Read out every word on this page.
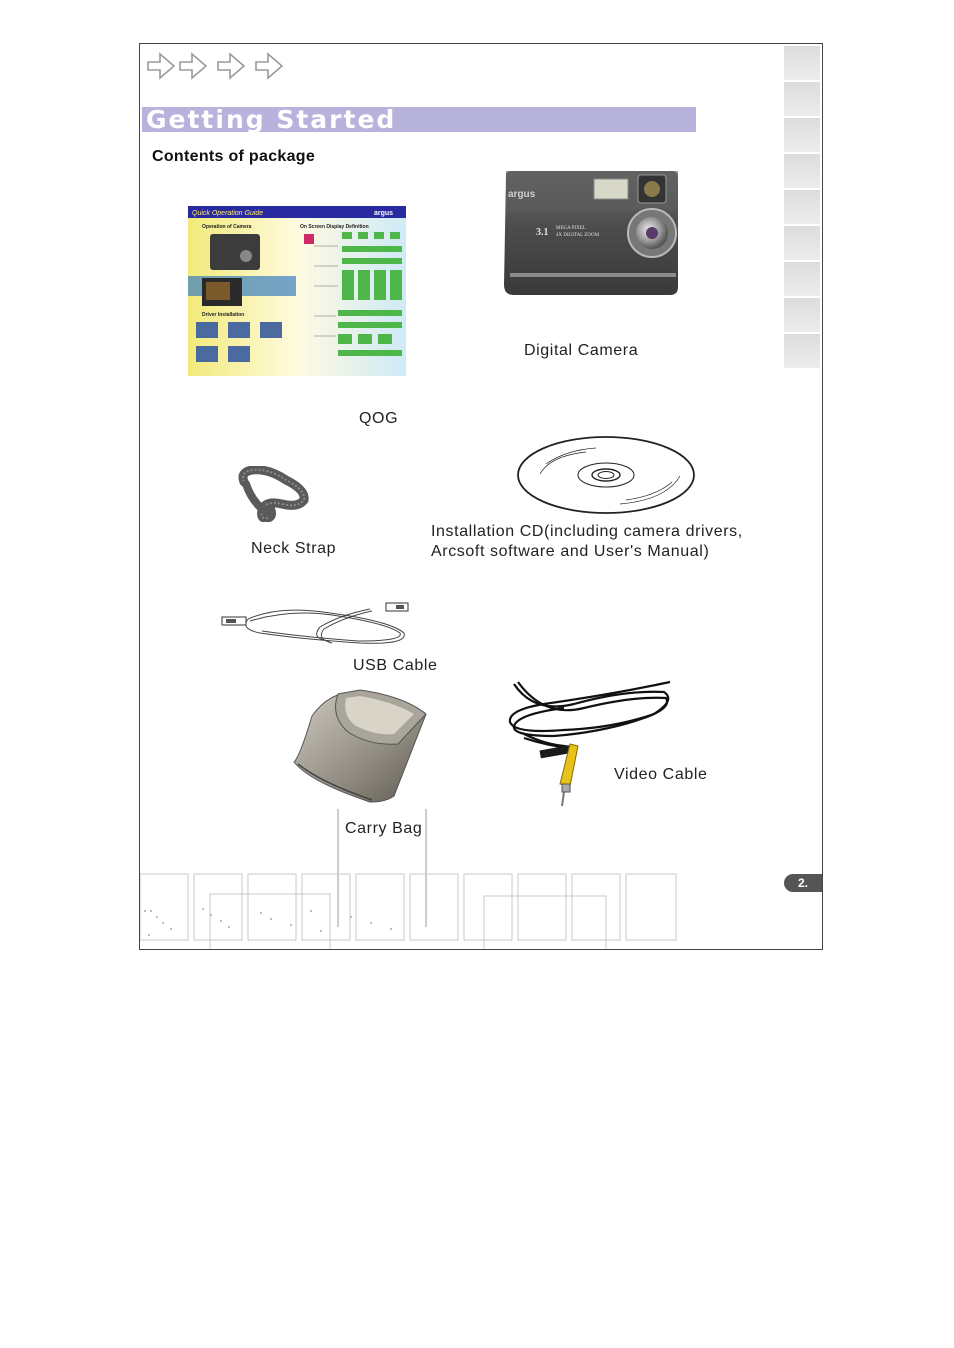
Getting Started
Contents of package
Quick Operation Guide	argus
Operation of Camera	On Screen Display Definition
Driver Installation
argus
3.1 MEGA PIXEL
4X DIGITAL ZOOM
QOG
Digital Camera
Neck Strap
Installation CD(including camera drivers,
Arcsoft software and User's Manual)
USB Cable
Video Cable
Carry Bag
2.
